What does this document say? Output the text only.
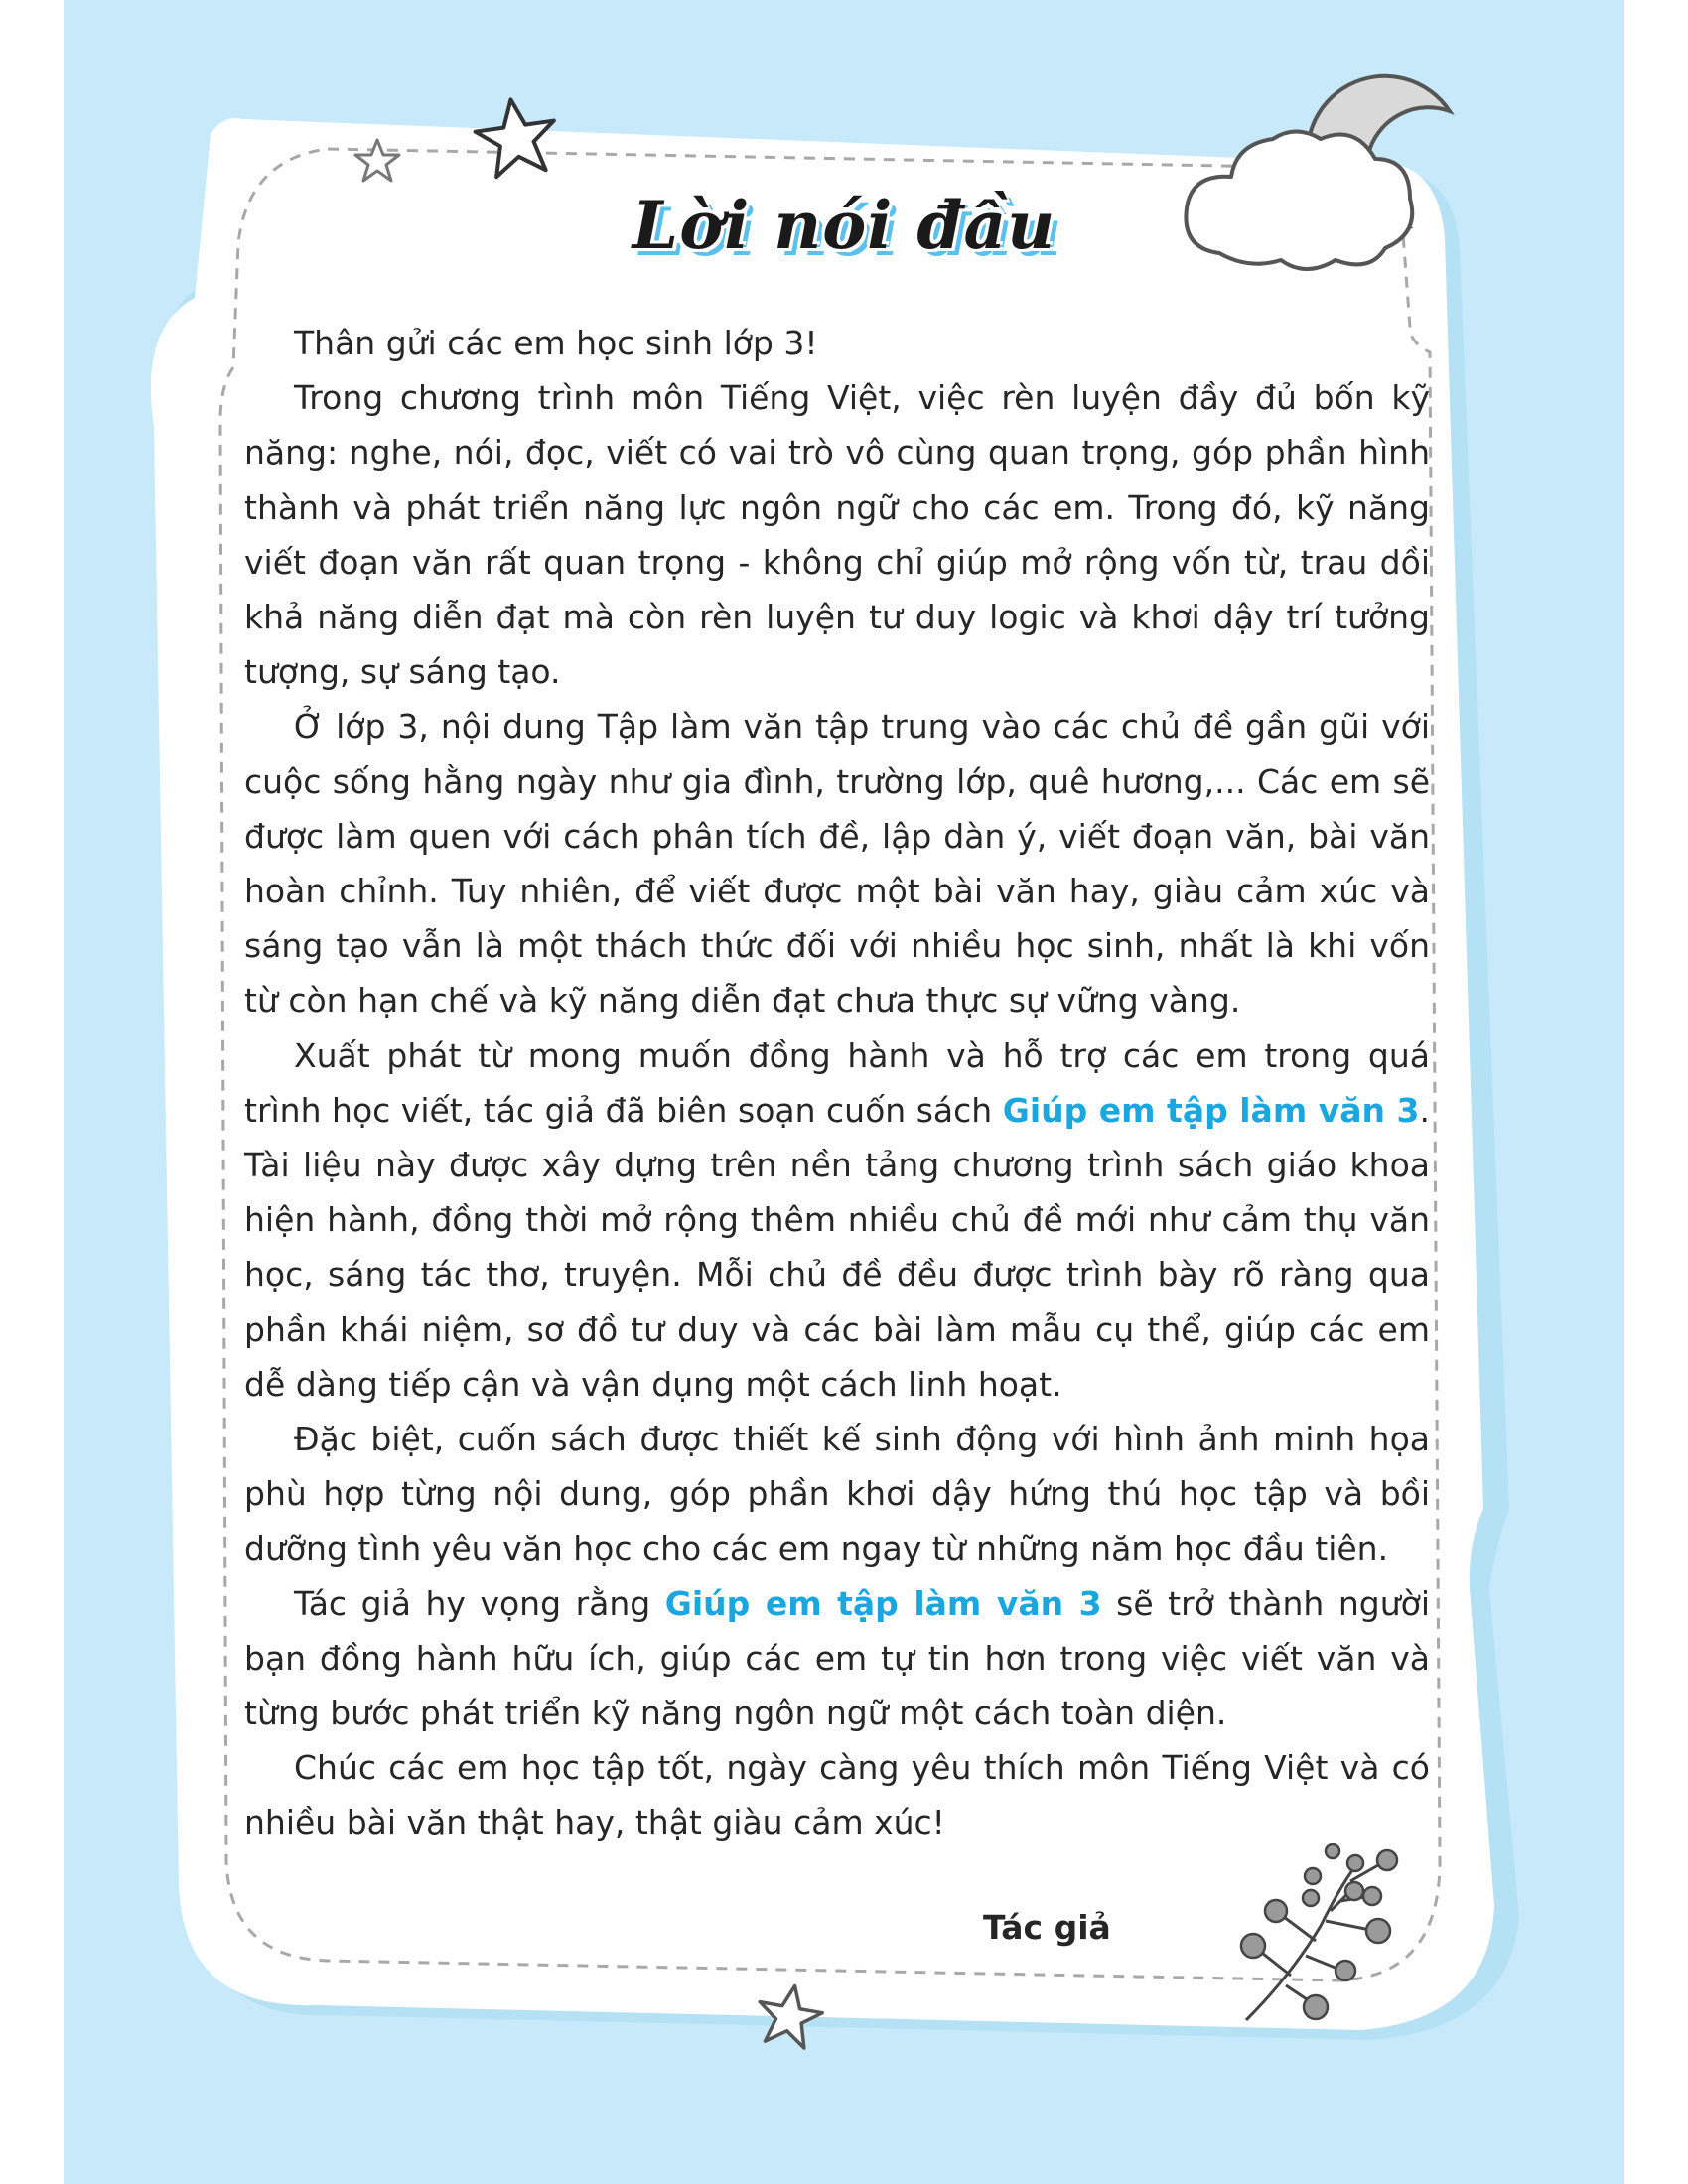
Lời nói đầu

Thân gửi các em học sinh lớp 3!

Trong chương trình môn Tiếng Việt, việc rèn luyện đầy đủ bốn kỹ năng: nghe, nói, đọc, viết có vai trò vô cùng quan trọng, góp phần hình thành và phát triển năng lực ngôn ngữ cho các em. Trong đó, kỹ năng viết đoạn văn rất quan trọng - không chỉ giúp mở rộng vốn từ, trau dồi khả năng diễn đạt mà còn rèn luyện tư duy logic và khơi dậy trí tưởng tượng, sự sáng tạo.

Ở lớp 3, nội dung Tập làm văn tập trung vào các chủ đề gần gũi với cuộc sống hằng ngày như gia đình, trường lớp, quê hương,... Các em sẽ được làm quen với cách phân tích đề, lập dàn ý, viết đoạn văn, bài văn hoàn chỉnh. Tuy nhiên, để viết được một bài văn hay, giàu cảm xúc và sáng tạo vẫn là một thách thức đối với nhiều học sinh, nhất là khi vốn từ còn hạn chế và kỹ năng diễn đạt chưa thực sự vững vàng.

Xuất phát từ mong muốn đồng hành và hỗ trợ các em trong quá trình học viết, tác giả đã biên soạn cuốn sách Giúp em tập làm văn 3. Tài liệu này được xây dựng trên nền tảng chương trình sách giáo khoa hiện hành, đồng thời mở rộng thêm nhiều chủ đề mới như cảm thụ văn học, sáng tác thơ, truyện. Mỗi chủ đề đều được trình bày rõ ràng qua phần khái niệm, sơ đồ tư duy và các bài làm mẫu cụ thể, giúp các em dễ dàng tiếp cận và vận dụng một cách linh hoạt.

Đặc biệt, cuốn sách được thiết kế sinh động với hình ảnh minh họa phù hợp từng nội dung, góp phần khơi dậy hứng thú học tập và bồi dưỡng tình yêu văn học cho các em ngay từ những năm học đầu tiên.

Tác giả hy vọng rằng Giúp em tập làm văn 3 sẽ trở thành người bạn đồng hành hữu ích, giúp các em tự tin hơn trong việc viết văn và từng bước phát triển kỹ năng ngôn ngữ một cách toàn diện.

Chúc các em học tập tốt, ngày càng yêu thích môn Tiếng Việt và có nhiều bài văn thật hay, thật giàu cảm xúc!

Tác giả
